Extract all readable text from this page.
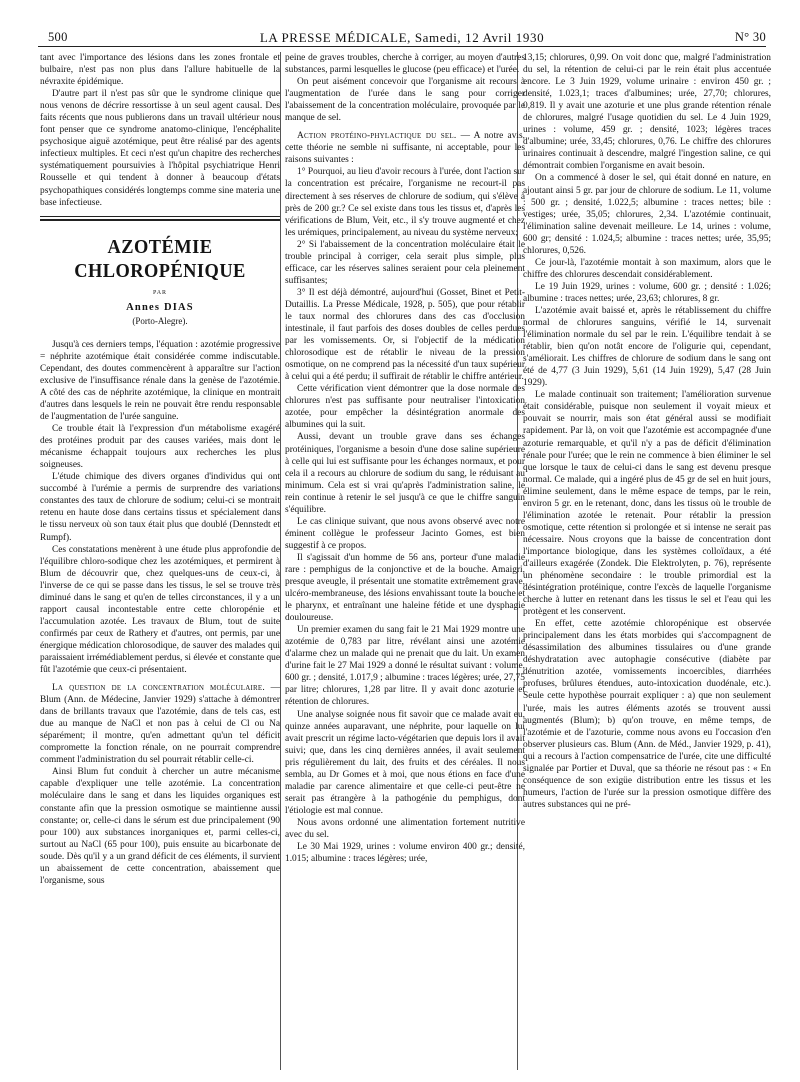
500	LA PRESSE MÉDICALE, Samedi, 12 Avril 1930	N° 30

tant avec l'importance des lésions dans les zones frontale et bulbaire, n'est pas non plus dans l'allure habituelle de la névraxite épidémique.

D'autre part il n'est pas sûr que le syndrome clinique que nous venons de décrire ressortisse à un seul agent causal. Des faits récents que nous publierons dans un travail ultérieur nous font penser que ce syndrome anatomo-clinique, l'encéphalite psychosique aiguë azotémique, peut être réalisé par des agents infectieux multiples. Et ceci n'est qu'un chapitre des recherches systématiquement poursuivies à l'hôpital psychiatrique Henri Rousselle et qui tendent à donner à beaucoup d'états psychopathiques considérés longtemps comme sine materia une base infectieuse.

AZOTÉMIE CHLOROPÉNIQUE
PAR
Annes DIAS
(Porto-Alegre).

Jusqu'à ces derniers temps, l'équation : azotémie progressive = néphrite azotémique était considérée comme indiscutable. Cependant, des doutes commencèrent à apparaître sur l'action exclusive de l'insuffisance rénale dans la genèse de l'azotémie. A côté des cas de néphrite azotémique, la clinique en montrait d'autres dans lesquels le rein ne pouvait être rendu responsable de l'augmentation de l'urée sanguine.

Ce trouble était là l'expression d'un métabolisme exagéré des protéines produit par des causes variées, mais dont le mécanisme échappait toujours aux recherches les plus soigneuses.

L'étude chimique des divers organes d'individus qui ont succombé à l'urémie a permis de surprendre des variations constantes des taux de chlorure de sodium; celui-ci se montrait retenu en haute dose dans certains tissus et spécialement dans le tissu nerveux où son taux était plus que doublé (Dennstedt et Rumpf).

Ces constatations menèrent à une étude plus approfondie de l'équilibre chloro-sodique chez les azotémiques, et permirent à Blum de découvrir que, chez quelques-uns de ceux-ci, à l'inverse de ce qui se passe dans les tissus, le sel se trouve très diminué dans le sang et qu'en de telles circonstances, il y a un rapport causal incontestable entre cette chloropénie et l'accumulation azotée. Les travaux de Blum, tout de suite confirmés par ceux de Rathery et d'autres, ont permis, par une énergique médication chlorosodique, de sauver des malades qui paraissaient irrémédiablement perdus, si élevée et constante que fût l'azotémie que ceux-ci présentaient.

La question de la concentration moléculaire. — Blum (Ann. de Médecine, Janvier 1929) s'attache à démontrer dans de brillants travaux que l'azotémie, dans de tels cas, est due au manque de NaCl et non pas à celui de Cl ou Na séparément; il montre, qu'en admettant qu'un tel déficit compromette la fonction rénale, on ne pourrait comprendre comment l'administration du sel pourrait rétablir celle-ci.

Ainsi Blum fut conduit à chercher un autre mécanisme capable d'expliquer une telle azotémie. La concentration moléculaire dans le sang et dans les liquides organiques est constante afin que la pression osmotique se maintienne aussi constante; or, celle-ci dans le sérum est due principalement (90 pour 100) aux substances inorganiques et, parmi celles-ci, surtout au NaCl (65 pour 100), puis ensuite au bicarbonate de soude. Dès qu'il y a un grand déficit de ces éléments, il survient un abaissement de cette concentration, abaissement que l'organisme, sous

peine de graves troubles, cherche à corriger, au moyen d'autres substances, parmi lesquelles le glucose (peu efficace) et l'urée.

On peut aisément concevoir que l'organisme ait recours à l'augmentation de l'urée dans le sang pour corriger l'abaissement de la concentration moléculaire, provoquée par le manque de sel.

Action protéino-phylactique du sel. — A notre avis, cette théorie ne semble ni suffisante, ni acceptable, pour les raisons suivantes :

1° Pourquoi, au lieu d'avoir recours à l'urée, dont l'action sur la concentration est précaire, l'organisme ne recourt-il pas directement à ses réserves de chlorure de sodium, qui s'élève à près de 200 gr.? Ce sel existe dans tous les tissus et, d'après les vérifications de Blum, Veit, etc., il s'y trouve augmenté et chez les urémiques, principalement, au niveau du système nerveux;

2° Si l'abaissement de la concentration moléculaire était le trouble principal à corriger, cela serait plus simple, plus efficace, car les réserves salines seraient pour cela pleinement suffisantes;

3° Il est déjà démontré, aujourd'hui (Gosset, Binet et Petit-Dutaillis. La Presse Médicale, 1928, p. 505), que pour rétablir le taux normal des chlorures dans des cas d'occlusion intestinale, il faut parfois des doses doubles de celles perdues par les vomissements. Or, si l'objectif de la médication chlorosodique est de rétablir le niveau de la pression osmotique, on ne comprend pas la nécessité d'un taux supérieur à celui qui a été perdu; il suffirait de rétablir le chiffre antérieur.

Cette vérification vient démontrer que la dose normale des chlorures n'est pas suffisante pour neutraliser l'intoxication azotée, pour empêcher la désintégration anormale des albumines qui la suit.

Aussi, devant un trouble grave dans ses échanges protéiniques, l'organisme a besoin d'une dose saline supérieure à celle qui lui est suffisante pour les échanges normaux, et pour cela il a recours au chlorure de sodium du sang, le réduisant au minimum. Cela est si vrai qu'après l'administration saline, le rein continue à retenir le sel jusqu'à ce que le chiffre sanguin s'équilibre.

Le cas clinique suivant, que nous avons observé avec notre éminent collègue le professeur Jacinto Gomes, est bien suggestif à ce propos.

Il s'agissait d'un homme de 56 ans, porteur d'une maladie rare : pemphigus de la conjonctive et de la bouche. Amaigri, presque aveugle, il présentait une stomatite extrêmement grave, ulcéro-membraneuse, des lésions envahissant toute la bouche et le pharynx, et entraînant une haleine fétide et une dysphagie douloureuse.

Un premier examen du sang fait le 21 Mai 1929 montre une azotémie de 0,783 par litre, révélant ainsi une azotémie d'alarme chez un malade qui ne prenait que du lait. Un examen d'urine fait le 27 Mai 1929 a donné le résultat suivant : volume, 600 gr. ; densité, 1.017,9 ; albumine : traces légères; urée, 27,75 par litre; chlorures, 1,28 par litre. Il y avait donc azoturie et rétention de chlorures.

Une analyse soignée nous fit savoir que ce malade avait eu, quinze années auparavant, une néphrite, pour laquelle on lui avait prescrit un régime lacto-végétarien que depuis lors il avait suivi; que, dans les cinq dernières années, il avait seulement pris régulièrement du lait, des fruits et des céréales. Il nous sembla, au Dr Gomes et à moi, que nous étions en face d'une maladie par carence alimentaire et que celle-ci peut-être ne serait pas étrangère à la pathogénie du pemphigus, dont l'étiologie est mal connue.

Nous avons ordonné une alimentation fortement nutritive avec du sel.

Le 30 Mai 1929, urines : volume environ 400 gr.; densité, 1.015; albumine : traces légères; urée,

13,15; chlorures, 0,99. On voit donc que, malgré l'administration du sel, la rétention de celui-ci par le rein était plus accentuée encore. Le 3 Juin 1929, volume urinaire : environ 450 gr. ; densité, 1.023,1; traces d'albumines; urée, 27,70; chlorures, 0,819. Il y avait une azoturie et une plus grande rétention rénale de chlorures, malgré l'usage quotidien du sel. Le 4 Juin 1929, urines : volume, 459 gr. ; densité, 1023; légères traces d'albumine; urée, 33,45; chlorures, 0,76. Le chiffre des chlorures urinaires continuait à descendre, malgré l'ingestion saline, ce qui démontrait combien l'organisme en avait besoin.

On a commencé à doser le sel, qui était donné en nature, en ajoutant ainsi 5 gr. par jour de chlorure de sodium. Le 11, volume : 500 gr. ; densité, 1.022,5; albumine : traces nettes; bile : vestiges; urée, 35,05; chlorures, 2,34. L'azotémie continuait, l'élimination saline devenait meilleure. Le 14, urines : volume, 600 gr; densité : 1.024,5; albumine : traces nettes; urée, 35,95; chlorures, 0,526.

Ce jour-là, l'azotémie montait à son maximum, alors que le chiffre des chlorures descendait considérablement.

Le 19 Juin 1929, urines : volume, 600 gr. ; densité : 1.026; albumine : traces nettes; urée, 23,63; chlorures, 8 gr.

L'azotémie avait baissé et, après le rétablissement du chiffre normal de chlorures sanguins, vérifié le 14, survenait l'élimination normale du sel par le rein. L'équilibre tendait à se rétablir, bien qu'on notât encore de l'oligurie qui, cependant, s'améliorait. Les chiffres de chlorure de sodium dans le sang ont été de 4,77 (3 Juin 1929), 5,61 (14 Juin 1929), 5,47 (28 Juin 1929).

Le malade continuait son traitement; l'amélioration survenue était considérable, puisque non seulement il voyait mieux et pouvait se nourrir, mais son état général aussi se modifiait rapidement. Par là, on voit que l'azotémie est accompagnée d'une azoturie remarquable, et qu'il n'y a pas de déficit d'élimination rénale pour l'urée; que le rein ne commence à bien éliminer le sel que lorsque le taux de celui-ci dans le sang est devenu presque normal. Ce malade, qui a ingéré plus de 45 gr de sel en huit jours, élimine seulement, dans le même espace de temps, par le rein, environ 5 gr. en le retenant, donc, dans les tissus où le trouble de l'élimination azotée le retenait. Pour rétablir la pression osmotique, cette rétention si prolongée et si intense ne serait pas nécessaire. Nous croyons que la baisse de concentration dont l'importance biologique, dans les systèmes colloïdaux, a été d'ailleurs exagérée (Zondek. Die Elektrolyten, p. 76), représente un phénomène secondaire : le trouble primordial est la désintégration protéinique, contre l'excès de laquelle l'organisme cherche à lutter en retenant dans les tissus le sel et l'eau qui les protègent et les conservent.

En effet, cette azotémie chloropénique est observée principalement dans les états morbides qui s'accompagnent de désassimilation des albumines tissulaires ou d'une grande déshydratation avec autophagie consécutive (diabète par dénutrition azotée, vomissements incoercibles, diarrhées profuses, brûlures étendues, auto-intoxication duodénale, etc.). Seule cette hypothèse pourrait expliquer : a) que non seulement l'urée, mais les autres éléments azotés se trouvent aussi augmentés (Blum); b) qu'on trouve, en même temps, de l'azotémie et de l'azoturie, comme nous avons eu l'occasion d'en observer plusieurs cas. Blum (Ann. de Méd., Janvier 1929, p. 41), qui a recours à l'action compensatrice de l'urée, cite une difficulté signalée par Portier et Duval, que sa théorie ne résout pas : « En conséquence de son exigüe distribution entre les tissus et les humeurs, l'action de l'urée sur la pression osmotique diffère des autres substances qui ne pré-
